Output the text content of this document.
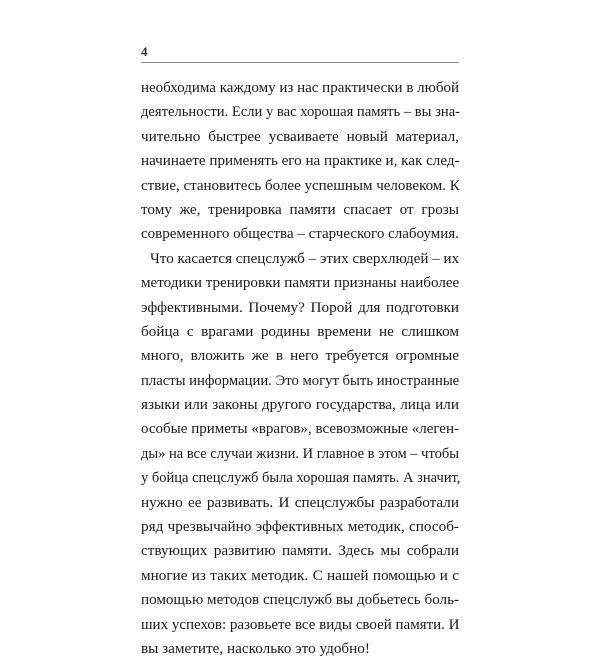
4
необходима каждому из нас практически в любой
деятельности. Если у вас хорошая память – вы зна-
чительно быстрее усваиваете новый материал,
начинаете применять его на практике и, как след-
ствие, становитесь более успешным человеком. К
тому же, тренировка памяти спасает от грозы
современного общества – старческого слабоумия.
Что касается спецслужб – этих сверхлюдей – их
методики тренировки памяти признаны наиболее
эффективными. Почему? Порой для подготовки
бойца с врагами родины времени не слишком
много, вложить же в него требуется огромные
пласты информации. Это могут быть иностранные
языки или законы другого государства, лица или
особые приметы «врагов», всевозможные «леген-
ды» на все случаи жизни. И главное в этом – чтобы
у бойца спецслужб была хорошая память. А значит,
нужно ее развивать. И спецслужбы разработали
ряд чрезвычайно эффективных методик, способ-
ствующих развитию памяти. Здесь мы собрали
многие из таких методик. С нашей помощью и с
помощью методов спецслужб вы добьетесь боль-
ших успехов: разовьете все виды своей памяти. И
вы заметите, насколько это удобно!
